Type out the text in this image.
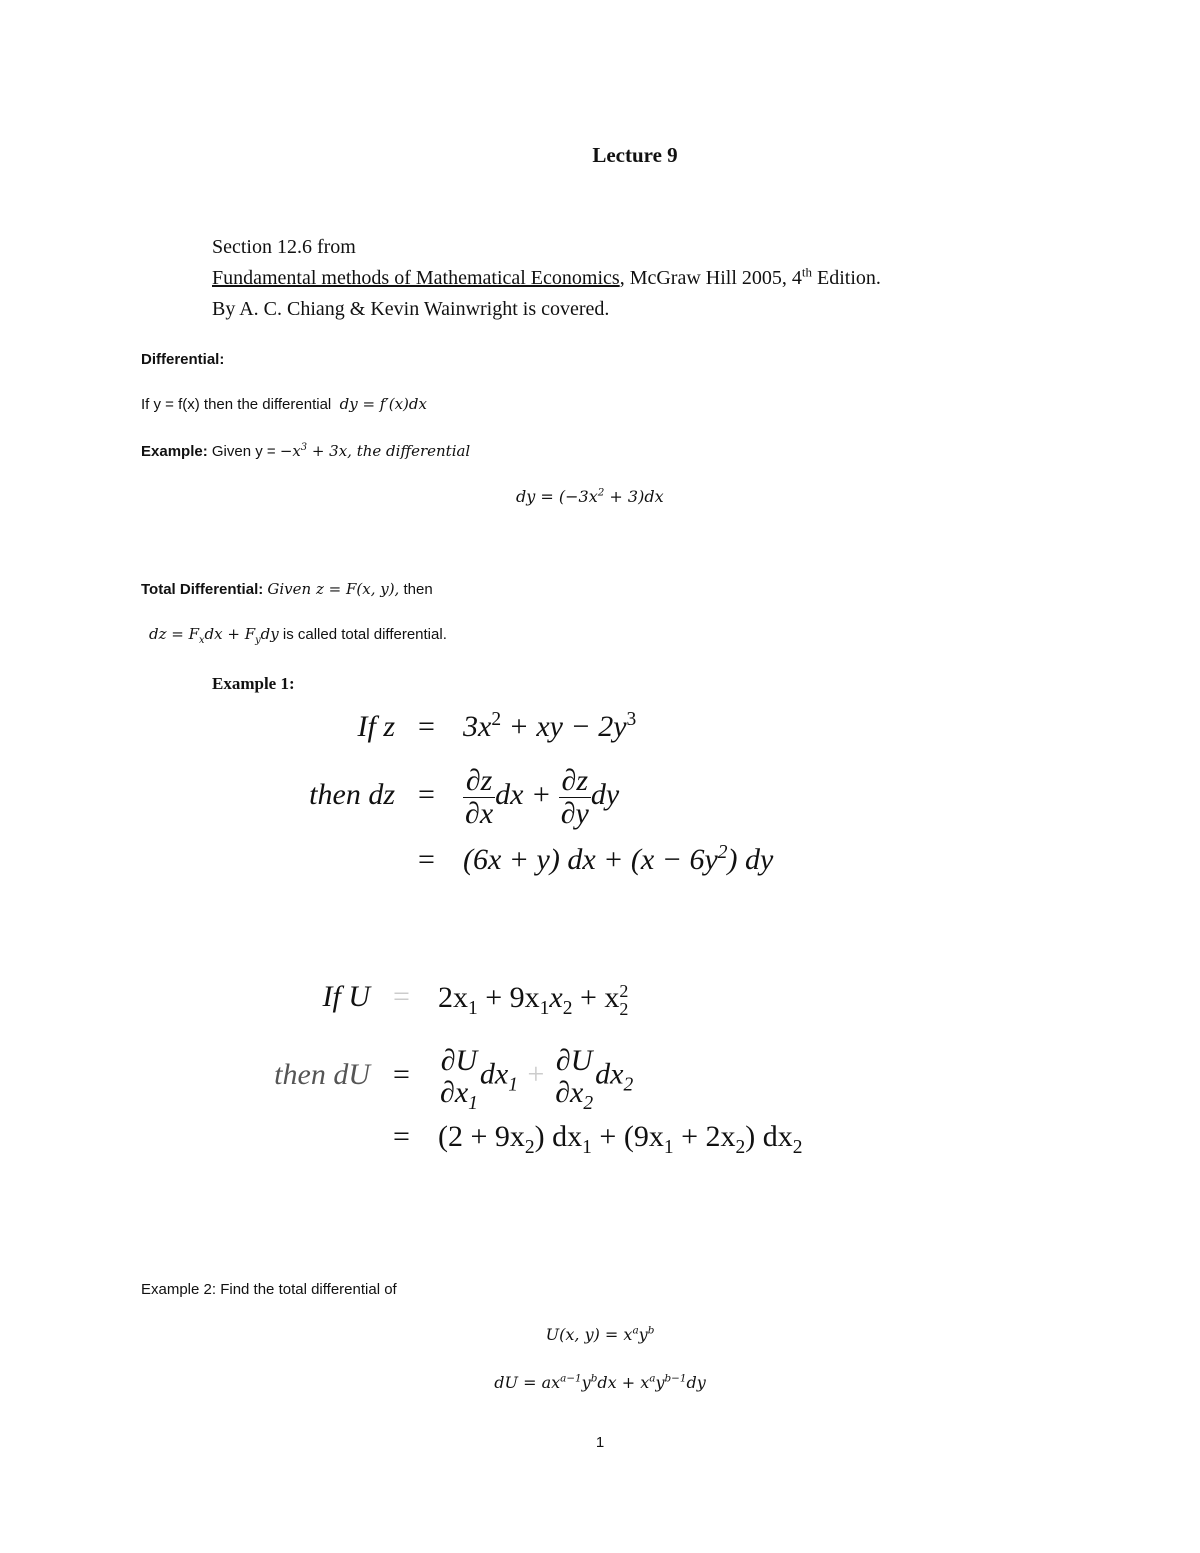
Lecture 9
Section 12.6 from
Fundamental methods of Mathematical Economics, McGraw Hill 2005, 4th Edition.
By A. C. Chiang & Kevin Wainwright is covered.
Differential:
If y = f(x) then the differential dy = f′(x)dx
Example: Given $y = -x^3 + 3x$, the differential
dy = $(-3x^2 + 3)dx$
Total Differential: Given z = F(x, y), then
dz = $F_xdx + F_ydy$ is called total differential.
Example 1:
If $z = 3x^2$ + xy − $2y^3$
then dz = $\frac{\partial z}{\partial x}$ dx + $\frac{\partial z}{\partial y}$ dy
= (6x + y) dx + $(x - 6y^2)$ dy
If $U = 2x_1 + 9x_1x_2 + x$ 2
2
then dU = ∂U
$\partial x_1$
$dx_1 + \partial U$
$\partial x_2$
$dx_2$
= $(2 + 9x_2)$ $dx_1 + (9x_1 + 2x_2)$ $dx_2$
Example 2: Find the total differential of
U(x, $y) = x^ay^b$
dU = $ax^{a-1}y^bdx + x^ay^{b-1}dy$
1
